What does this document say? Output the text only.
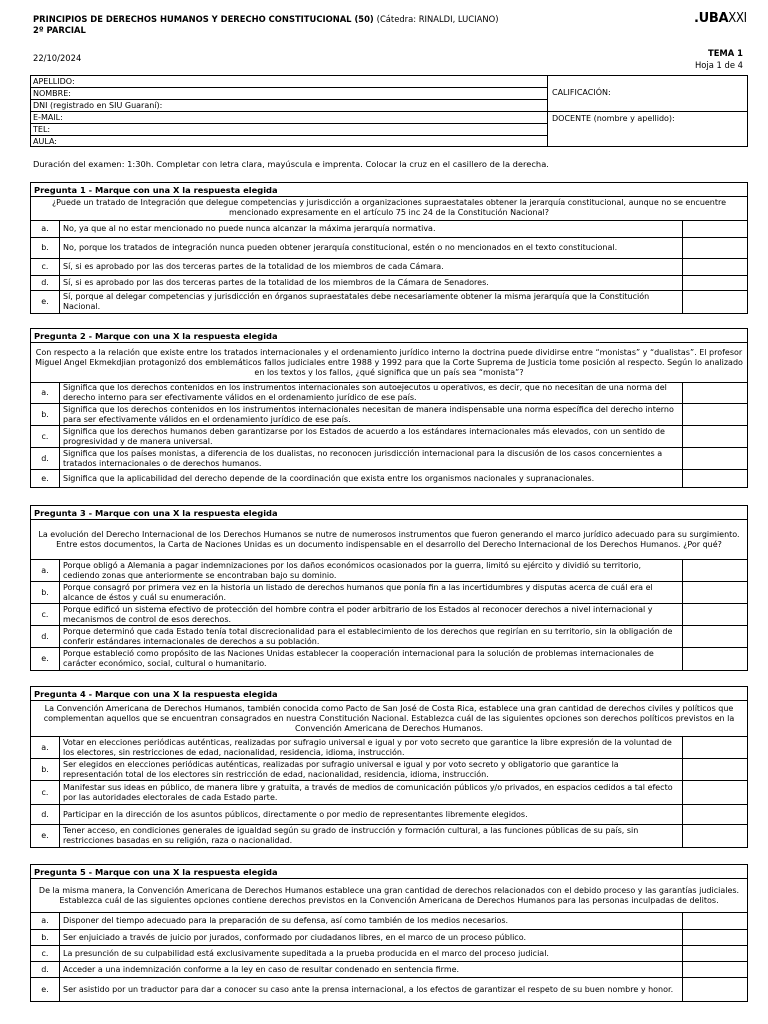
PRINCIPIOS DE DERECHOS HUMANOS Y DERECHO CONSTITUCIONAL (50) (Cátedra: RINALDI, LUCIANO)
2º PARCIAL
.UBAXXI
22/10/2024	TEMA 1
Hoja 1 de 4
APELLIDO:
NOMBRE:
DNI (registrado en SIU Guaraní):
E-MAIL:
TEL:
AULA:
CALIFICACIÓN:
DOCENTE (nombre y apellido):
Duración del examen: 1:30h. Completar con letra clara, mayúscula e imprenta. Colocar la cruz en el casillero de la derecha.
Pregunta 1 - Marque con una X la respuesta elegida
¿Puede un tratado de Integración que delegue competencias y jurisdicción a organizaciones supraestatales obtener la jerarquía constitucional, aunque no se encuentre mencionado expresamente en el artículo 75 inc 24 de la Constitución Nacional?
a.	No, ya que al no estar mencionado no puede nunca alcanzar la máxima jerarquía normativa.
b.	No, porque los tratados de integración nunca pueden obtener jerarquía constitucional, estén o no mencionados en el texto constitucional.
c.	Sí, si es aprobado por las dos terceras partes de la totalidad de los miembros de cada Cámara.
d.	Sí, si es aprobado por las dos terceras partes de la totalidad de los miembros de la Cámara de Senadores.
e.
Sí, porque al delegar competencias y jurisdicción en órganos supraestatales debe necesariamente obtener la misma jerarquía que la Constitución Nacional.
Pregunta 2 - Marque con una X la respuesta elegida
Con respecto a la relación que existe entre los tratados internacionales y el ordenamiento jurídico interno la doctrina puede dividirse entre “monistas” y “dualistas”. El profesor Miguel Angel Ekmekdjian protagonizó dos emblemáticos fallos judiciales entre 1988 y 1992 para que la Corte Suprema de Justicia tome posición al respecto. Según lo analizado en los textos y los fallos, ¿qué significa que un país sea “monista”?
a.
Significa que los derechos contenidos en los instrumentos internacionales son autoejecutos u operativos, es decir, que no necesitan de una norma del derecho interno para ser efectivamente válidos en el ordenamiento jurídico de ese país.
b.
Significa que los derechos contenidos en los instrumentos internacionales necesitan de manera indispensable una norma específica del derecho interno para ser efectivamente válidos en el ordenamiento jurídico de ese país.
c.
Significa que los derechos humanos deben garantizarse por los Estados de acuerdo a los estándares internacionales más elevados, con un sentido de progresividad y de manera universal.
d.
Significa que los países monistas, a diferencia de los dualistas, no reconocen jurisdicción internacional para la discusión de los casos concernientes a tratados internacionales o de derechos humanos.
e.	Significa que la aplicabilidad del derecho depende de la coordinación que exista entre los organismos nacionales y supranacionales.
Pregunta 3 - Marque con una X la respuesta elegida
La evolución del Derecho Internacional de los Derechos Humanos se nutre de numerosos instrumentos que fueron generando el marco jurídico adecuado para su surgimiento. Entre estos documentos, la Carta de Naciones Unidas es un documento indispensable en el desarrollo del Derecho Internacional de los Derechos Humanos. ¿Por qué?
a.
Porque obligó a Alemania a pagar indemnizaciones por los daños económicos ocasionados por la guerra, limitó su ejército y dividió su territorio, cediendo zonas que anteriormente se encontraban bajo su dominio.
b.
Porque consagró por primera vez en la historia un listado de derechos humanos que ponía fin a las incertidumbres y disputas acerca de cuál era el alcance de éstos y cuál su enumeración.
c.
Porque edificó un sistema efectivo de protección del hombre contra el poder arbitrario de los Estados al reconocer derechos a nivel internacional y mecanismos de control de esos derechos.
d.
Porque determinó que cada Estado tenía total discrecionalidad para el establecimiento de los derechos que regirían en su territorio, sin la obligación de conferir estándares internacionales de derechos a su población.
e.
Porque estableció como propósito de las Naciones Unidas establecer la cooperación internacional para la solución de problemas internacionales de carácter económico, social, cultural o humanitario.
Pregunta 4 - Marque con una X la respuesta elegida
La Convención Americana de Derechos Humanos, también conocida como Pacto de San José de Costa Rica, establece una gran cantidad de derechos civiles y políticos que complementan aquellos que se encuentran consagrados en nuestra Constitución Nacional. Establezca cuál de las siguientes opciones son derechos políticos previstos en la Convención Americana de Derechos Humanos.
a.
Votar en elecciones periódicas auténticas, realizadas por sufragio universal e igual y por voto secreto que garantice la libre expresión de la voluntad de los electores, sin restricciones de edad, nacionalidad, residencia, idioma, instrucción.
b.
Ser elegidos en elecciones periódicas auténticas, realizadas por sufragio universal e igual y por voto secreto y obligatorio que garantice la representación total de los electores sin restricción de edad, nacionalidad, residencia, idioma, instrucción.
c.
Manifestar sus ideas en público, de manera libre y gratuita, a través de medios de comunicación públicos y/o privados, en espacios cedidos a tal efecto por las autoridades electorales de cada Estado parte.
d.	Participar en la dirección de los asuntos públicos, directamente o por medio de representantes libremente elegidos.
e.
Tener acceso, en condiciones generales de igualdad según su grado de instrucción y formación cultural, a las funciones públicas de su país, sin restricciones basadas en su religión, raza o nacionalidad.
Pregunta 5 - Marque con una X la respuesta elegida
De la misma manera, la Convención Americana de Derechos Humanos establece una gran cantidad de derechos relacionados con el debido proceso y las garantías judiciales. Establezca cuál de las siguientes opciones contiene derechos previstos en la Convención Americana de Derechos Humanos para las personas inculpadas de delitos.
a.	Disponer del tiempo adecuado para la preparación de su defensa, así como también de los medios necesarios.
b.	Ser enjuiciado a través de juicio por jurados, conformado por ciudadanos libres, en el marco de un proceso público.
c.	La presunción de su culpabilidad está exclusivamente supeditada a la prueba producida en el marco del proceso judicial.
d.	Acceder a una indemnización conforme a la ley en caso de resultar condenado en sentencia firme.
e.	Ser asistido por un traductor para dar a conocer su caso ante la prensa internacional, a los efectos de garantizar el respeto de su buen nombre y honor.
